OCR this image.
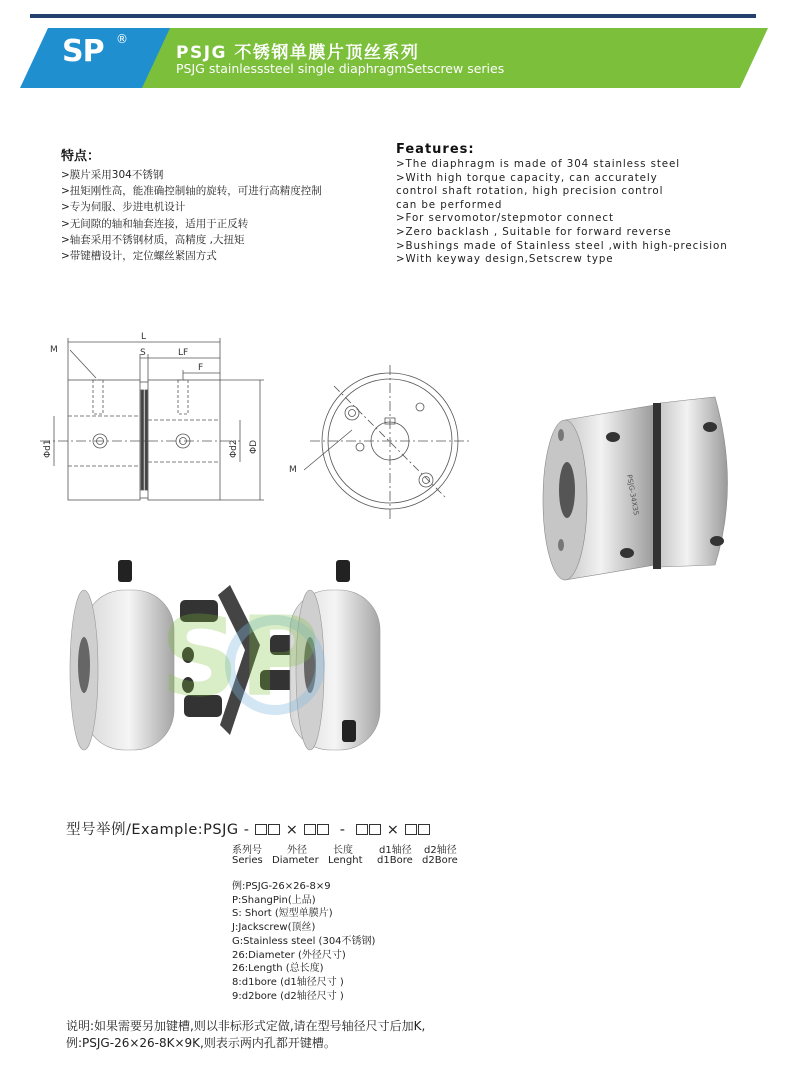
SP	®
PSJG 不锈钢单膜片顶丝系列
PSJG stainlesssteel single diaphragmSetscrew series
特点：
>膜片采用304不锈钢
>扭矩刚性高，能准确控制轴的旋转，可进行高精度控制
>专为伺服、步进电机设计
>无间隙的轴和轴套连接，适用于正反转
>轴套采用不锈钢材质，高精度 ,大扭矩
>带键槽设计，定位螺丝紧固方式
Features:
>The diaphragm is made of 304 stainless steel
>With high torque capacity, can accurately
control shaft rotation, high precision control
can be performed
>For servomotor/stepmotor connect
>Zero backlash , Suitable for forward reverse
>Bushings made of Stainless steel ,with high-precision
>With keyway design,Setscrew type
L
M	S	LF
F
Φd1	Φd2 ΦD
M
PSJG-34X35
SP
型号举例/Example:PSJG - ×	-	×
系列号
Series
外径
Diameter
长度
Lenght
d1轴径
d1Bore
d2轴径
d2Bore
例:PSJG-26×26-8×9
P:ShangPin(上品)
S: Short (短型单膜片)
J:Jackscrew(顶丝)
G:Stainless steel (304不锈钢)
26:Diameter (外径尺寸)
26:Length (总长度)
8:d1bore (d1轴径尺寸 )
9:d2bore (d2轴径尺寸 )
说明:如果需要另加键槽,则以非标形式定做,请在型号轴径尺寸后加K,
例:PSJG-26×26-8K×9K,则表示两内孔都开键槽。
